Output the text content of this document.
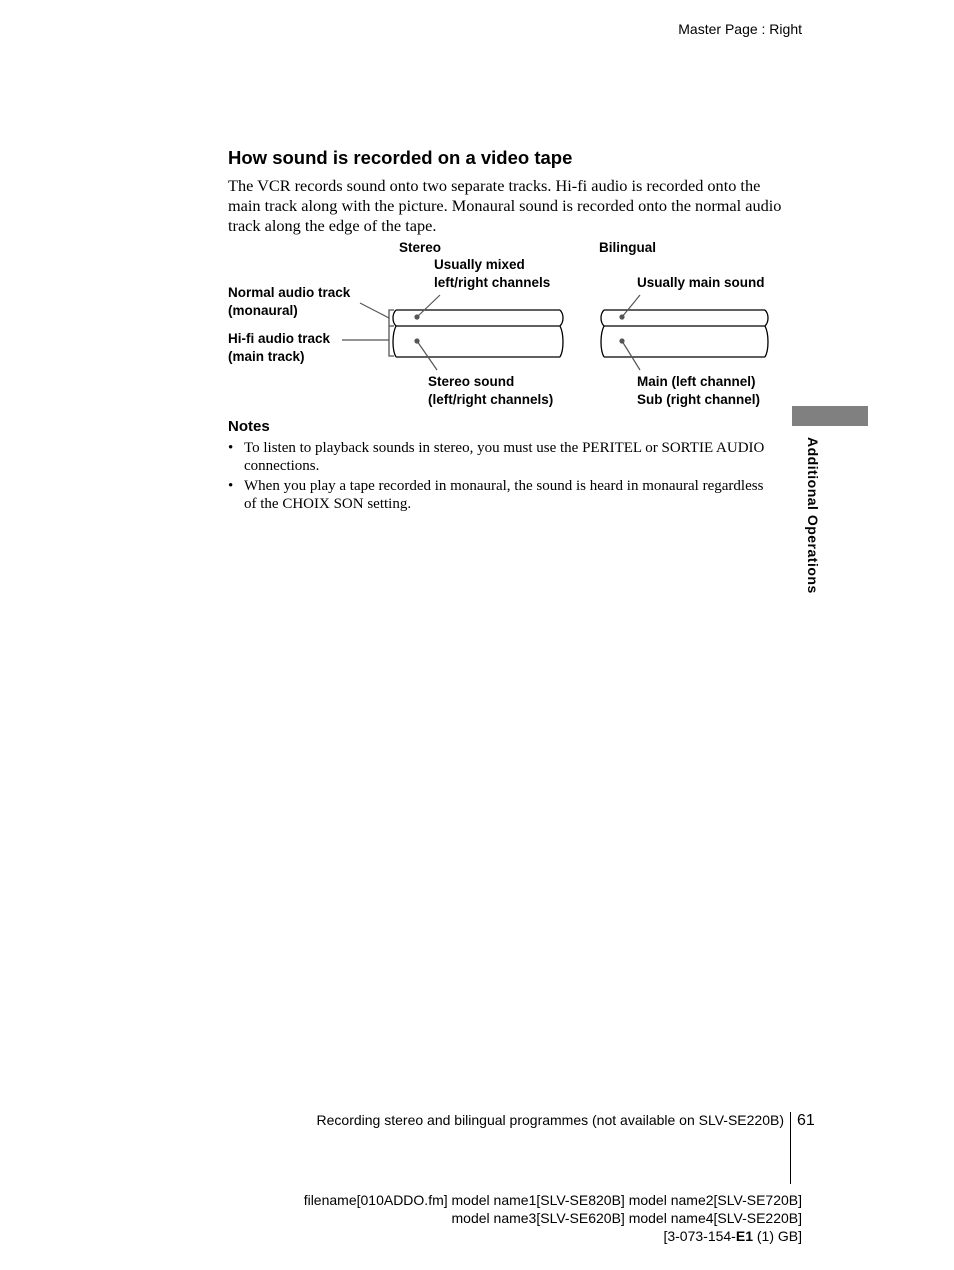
Master Page : Right
How sound is recorded on a video tape
The VCR records sound onto two separate tracks. Hi-fi audio is recorded onto the main track along with the picture. Monaural sound is recorded onto the normal audio track along the edge of the tape.
Stereo	Bilingual
Usually mixed
left/right channels	Usually main sound
Normal audio track
(monaural)
Hi-fi audio track
(main track)
Stereo sound
(left/right channels)
Main (left channel)
Sub (right channel)
Notes
• To listen to playback sounds in stereo, you must use the PERITEL or SORTIE AUDIO connections.
• When you play a tape recorded in monaural, the sound is heard in monaural regardless of the CHOIX SON setting.	Additional Operations
Recording stereo and bilingual programmes (not available on SLV-SE220B) 61
filename[010ADDO.fm] model name1[SLV-SE820B] model name2[SLV-SE720B]
model name3[SLV-SE620B] model name4[SLV-SE220B]
[3-073-154-E1 (1) GB]
